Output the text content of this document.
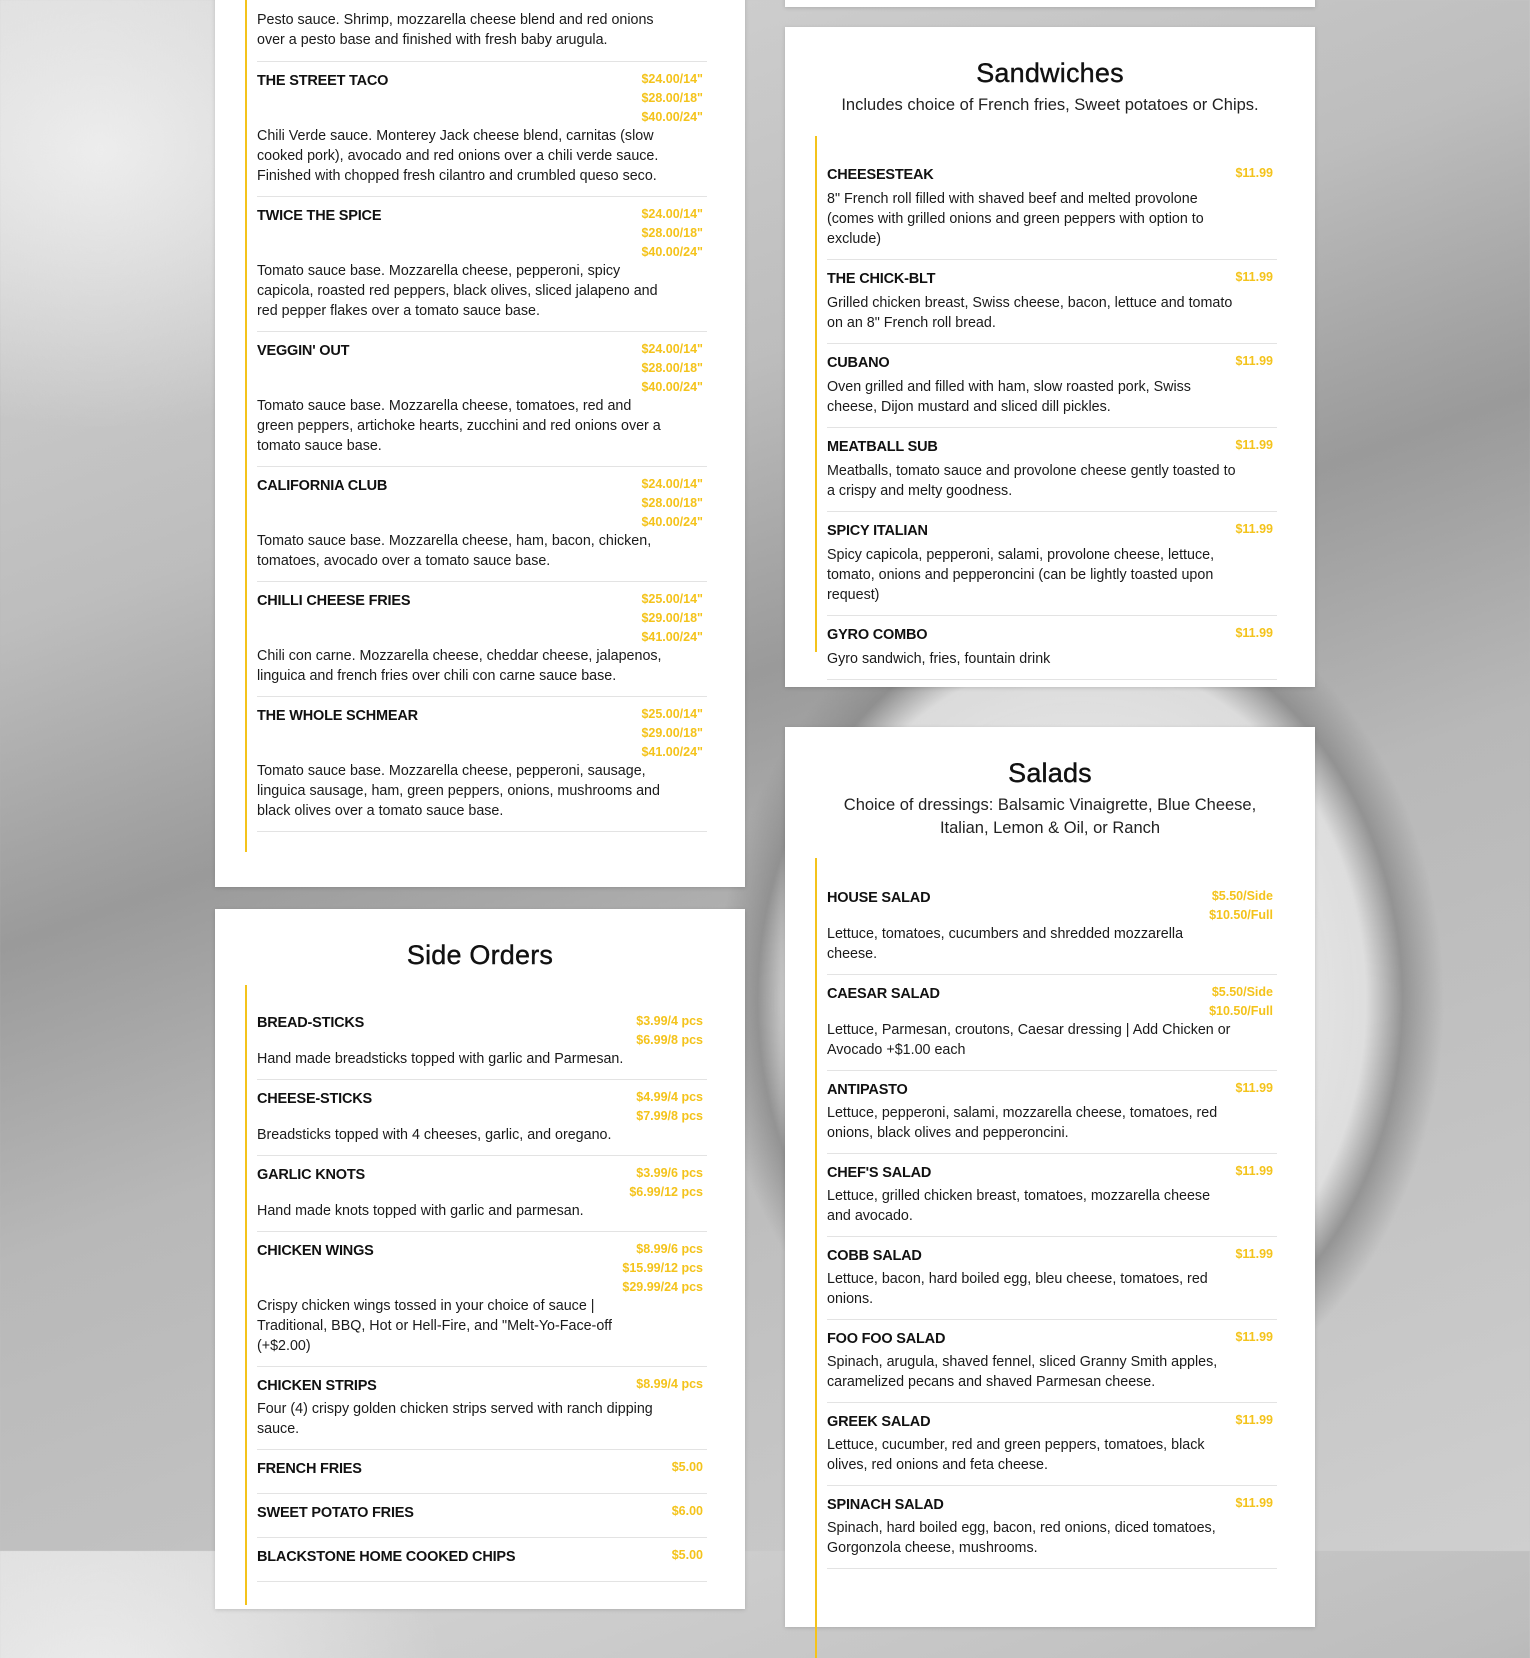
Pesto sauce. Shrimp, mozzarella cheese blend and red onions over a pesto base and finished with fresh baby arugula.
THE STREET TACO	$24.00/14"
$28.00/18"
$40.00/24"
Chili Verde sauce. Monterey Jack cheese blend, carnitas (slow cooked pork), avocado and red onions over a chili verde sauce. Finished with chopped fresh cilantro and crumbled queso seco.
TWICE THE SPICE	$24.00/14"
$28.00/18"
$40.00/24"
Tomato sauce base. Mozzarella cheese, pepperoni, spicy capicola, roasted red peppers, black olives, sliced jalapeno and red pepper flakes over a tomato sauce base.
VEGGIN' OUT	$24.00/14"
$28.00/18"
$40.00/24"
Tomato sauce base. Mozzarella cheese, tomatoes, red and green peppers, artichoke hearts, zucchini and red onions over a tomato sauce base.
CALIFORNIA CLUB	$24.00/14"
$28.00/18"
$40.00/24"
Tomato sauce base. Mozzarella cheese, ham, bacon, chicken, tomatoes, avocado over a tomato sauce base.
CHILLI CHEESE FRIES	$25.00/14"
$29.00/18"
$41.00/24"
Chili con carne. Mozzarella cheese, cheddar cheese, jalapenos, linguica and french fries over chili con carne sauce base.
THE WHOLE SCHMEAR	$25.00/14"
$29.00/18"
$41.00/24"
Tomato sauce base. Mozzarella cheese, pepperoni, sausage, linguica sausage, ham, green peppers, onions, mushrooms and black olives over a tomato sauce base.
Side Orders
BREAD-STICKS	$3.99/4 pcs
$6.99/8 pcs
Hand made breadsticks topped with garlic and Parmesan.
CHEESE-STICKS	$4.99/4 pcs
$7.99/8 pcs
Breadsticks topped with 4 cheeses, garlic, and oregano.
GARLIC KNOTS	$3.99/6 pcs
$6.99/12 pcs
Hand made knots topped with garlic and parmesan.
CHICKEN WINGS	$8.99/6 pcs
$15.99/12 pcs
$29.99/24 pcs
Crispy chicken wings tossed in your choice of sauce | Traditional, BBQ, Hot or Hell-Fire, and "Melt-Yo-Face-off (+$2.00)
CHICKEN STRIPS	$8.99/4 pcs
Four (4) crispy golden chicken strips served with ranch dipping sauce.
FRENCH FRIES	$5.00
SWEET POTATO FRIES	$6.00
BLACKSTONE HOME COOKED CHIPS	$5.00
Sandwiches

Includes choice of French fries, Sweet potatoes or Chips.

CHEESESTEAK	$11.99
8" French roll filled with shaved beef and melted provolone (comes with grilled onions and green peppers with option to exclude)
THE CHICK-BLT	$11.99
Grilled chicken breast, Swiss cheese, bacon, lettuce and tomato on an 8" French roll bread.
CUBANO	$11.99
Oven grilled and filled with ham, slow roasted pork, Swiss cheese, Dijon mustard and sliced dill pickles.
MEATBALL SUB	$11.99
Meatballs, tomato sauce and provolone cheese gently toasted to a crispy and melty goodness.
SPICY ITALIAN	$11.99
Spicy capicola, pepperoni, salami, provolone cheese, lettuce, tomato, onions and pepperoncini (can be lightly toasted upon request)
GYRO COMBO	$11.99
Gyro sandwich, fries, fountain drink
Salads

Choice of dressings: Balsamic Vinaigrette, Blue Cheese, Italian, Lemon & Oil, or Ranch

HOUSE SALAD	$5.50/Side
$10.50/Full
Lettuce, tomatoes, cucumbers and shredded mozzarella cheese.
CAESAR SALAD	$5.50/Side
$10.50/Full
Lettuce, Parmesan, croutons, Caesar dressing | Add Chicken or Avocado +$1.00 each
ANTIPASTO	$11.99
Lettuce, pepperoni, salami, mozzarella cheese, tomatoes, red onions, black olives and pepperoncini.
CHEF'S SALAD	$11.99
Lettuce, grilled chicken breast, tomatoes, mozzarella cheese and avocado.
COBB SALAD	$11.99
Lettuce, bacon, hard boiled egg, bleu cheese, tomatoes, red onions.
FOO FOO SALAD	$11.99
Spinach, arugula, shaved fennel, sliced Granny Smith apples, caramelized pecans and shaved Parmesan cheese.
GREEK SALAD	$11.99
Lettuce, cucumber, red and green peppers, tomatoes, black olives, red onions and feta cheese.
SPINACH SALAD	$11.99
Spinach, hard boiled egg, bacon, red onions, diced tomatoes, Gorgonzola cheese, mushrooms.
